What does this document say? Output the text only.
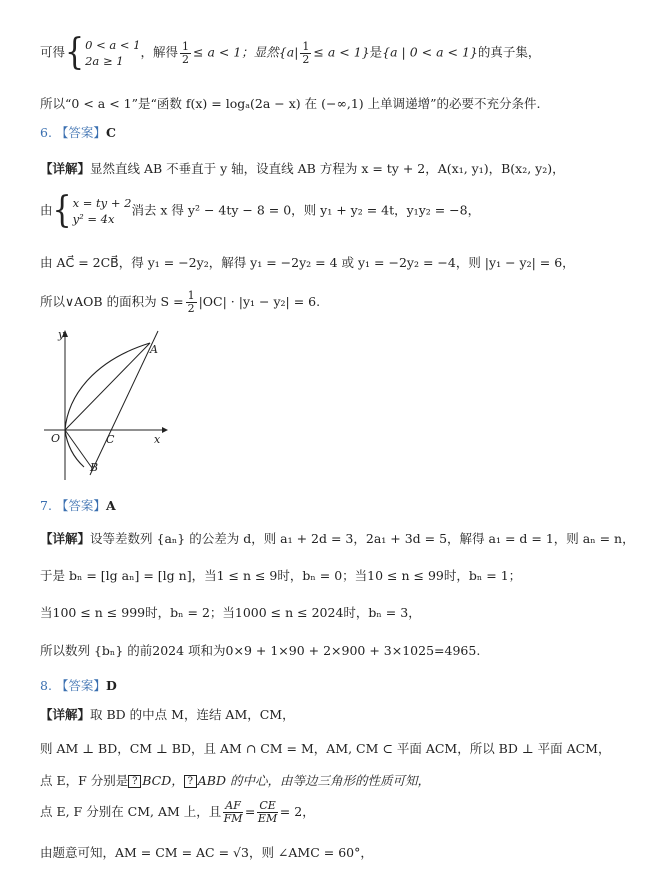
可得{ 0 < a < 1
2a ≥ 1
，解得 $\frac{1}{2} \le a < 1$；显然$\{a| \frac{1}{2} \le a < 1\}$是{a | 0 < a < 1}的真子集，
所以“0 < a < 1”是“函数 f(x) = logₐ(2a − x) 在 (−∞,1) 上单调递增”的必要不充分条件.
6. 【答案】C
【详解】显然直线 AB 不垂直于 y 轴，设直线 AB 方程为 x = ty + 2，A(x₁, y₁)，B(x₂, y₂)，
由{ x = ty + 2
y² = 4x
消去 x 得 y² − 4ty − 8 = 0，则 y₁ + y₂ = 4t，y₁y₂ = −8，
由 AC⃗ = 2CB⃗，得 y₁ = −2y₂，解得 y₁ = −2y₂ = 4 或 y₁ = −2y₂ = −4，则 |y₁ − y₂| = 6，
所以∨AOB 的面积为 $S = \frac{1}{2} |OC| \cdot |y_1 - y_2| = 6$.
y
x
A
B
C
O
7. 【答案】A
【详解】设等差数列 {aₙ} 的公差为 d，则 a₁ + 2d = 3，2a₁ + 3d = 5，解得 a₁ = d = 1，则 aₙ = n，
于是 bₙ = [lg aₙ] = [lg n]，当1 ≤ n ≤ 9时，bₙ = 0；当10 ≤ n ≤ 99时，bₙ = 1；
当100 ≤ n ≤ 999时，bₙ = 2；当1000 ≤ n ≤ 2024时，bₙ = 3，
所以数列 {bₙ} 的前2024 项和为0×9 + 1×90 + 2×900 + 3×1025=4965.
8. 【答案】D
【详解】取 BD 的中点 M，连结 AM，CM，
则 AM ⊥ BD，CM ⊥ BD，且 AM ∩ CM = M，AM, CM ⊂ 平面 ACM，所以 BD ⊥ 平面 ACM，
点 E，F 分别是 ? BCD， ? ABD 的中心，由等边三角形的性质可知，
点 E, F 分别在 CM, AM 上，且 $\frac{AF}{FM} = \frac{CE}{EM} = 2$，
由题意可知，AM = CM = AC = √3，则 ∠AMC = 60°，
